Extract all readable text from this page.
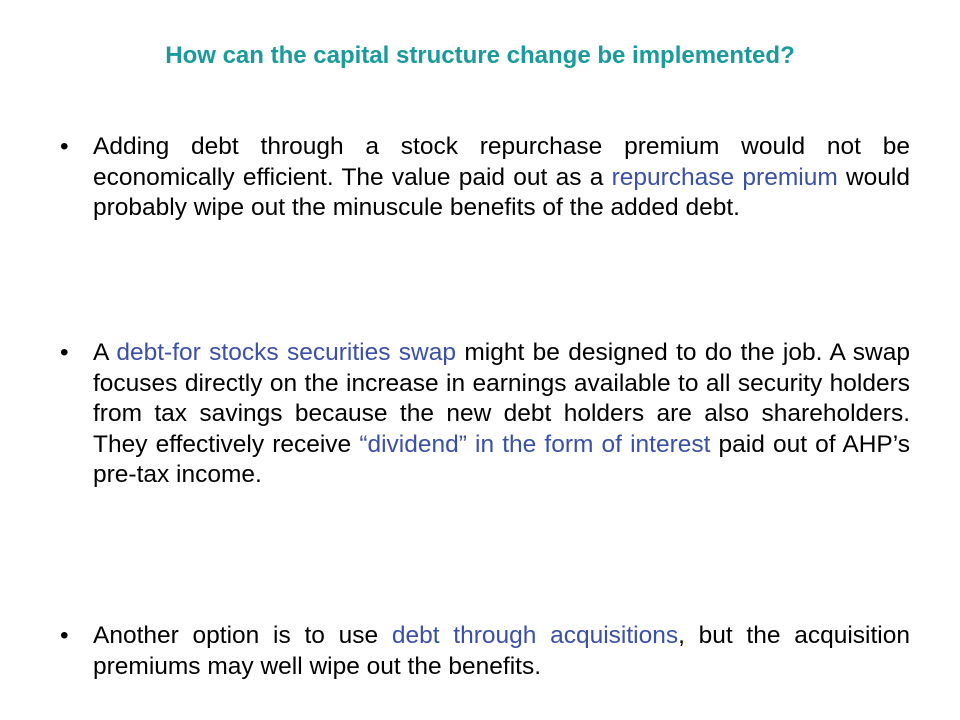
How can the capital structure change be implemented?
• Adding debt through a stock repurchase premium would not be economically efficient. The value paid out as a repurchase premium would probably wipe out the minuscule benefits of the added debt.
• A debt-for stocks securities swap might be designed to do the job. A swap focuses directly on the increase in earnings available to all security holders from tax savings because the new debt holders are also shareholders. They effectively receive “dividend” in the form of interest paid out of AHP’s pre-tax income.
• Another option is to use debt through acquisitions, but the acquisition premiums may well wipe out the benefits.
